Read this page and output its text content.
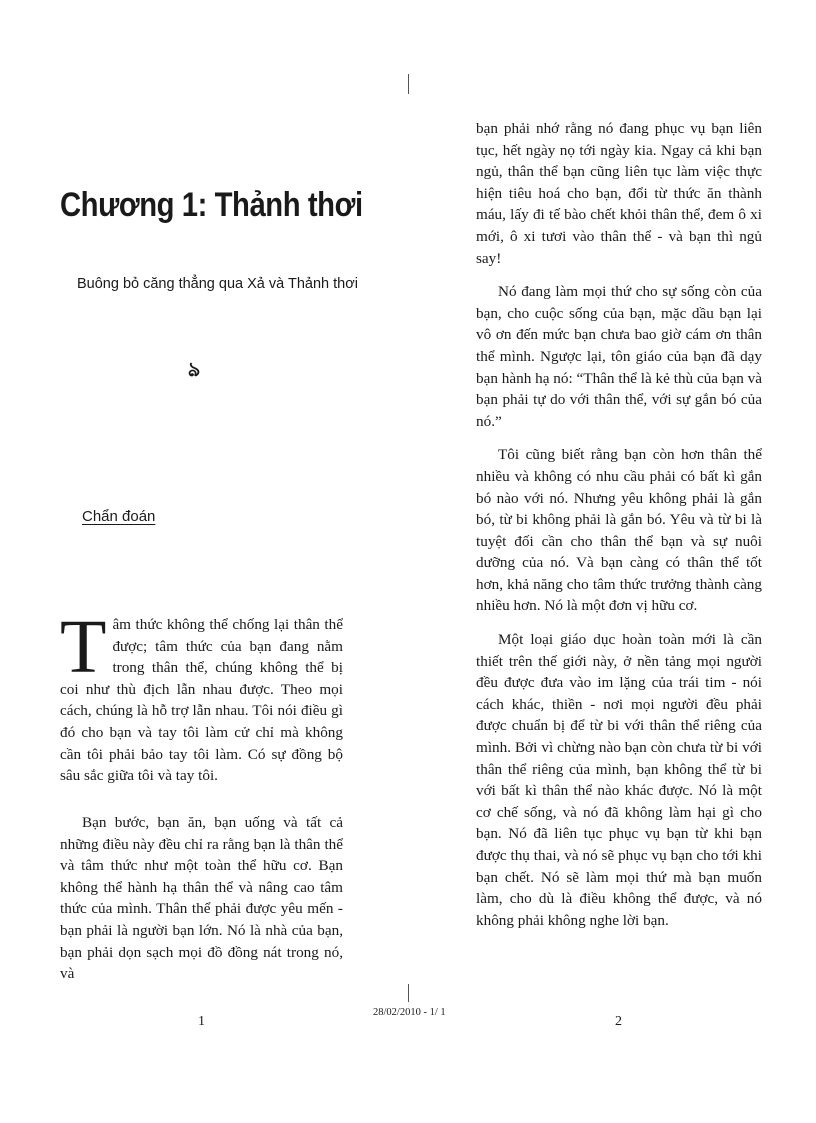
Chương 1: Thảnh thơi
Buông bỏ căng thẳng qua Xả và Thảnh thơi
ঌ
Chẩn đoán

Tâm thức không thể chống lại thân thể được; tâm thức của bạn đang nằm trong thân thể, chúng không thể bị coi như thù địch lẫn nhau được. Theo mọi cách, chúng là hỗ trợ lẫn nhau. Tôi nói điều gì đó cho bạn và tay tôi làm cử chỉ mà không cần tôi phải bảo tay tôi làm. Có sự đồng bộ sâu sắc giữa tôi và tay tôi.

Bạn bước, bạn ăn, bạn uống và tất cả những điều này đều chỉ ra rằng bạn là thân thể và tâm thức như một toàn thể hữu cơ. Bạn không thể hành hạ thân thể và nâng cao tâm thức của mình. Thân thể phải được yêu mến - bạn phải là người bạn lớn. Nó là nhà của bạn, bạn phải dọn sạch mọi đồ đồng nát trong nó, và

1

bạn phải nhớ rằng nó đang phục vụ bạn liên tục, hết ngày nọ tới ngày kia. Ngay cả khi bạn ngủ, thân thể bạn cũng liên tục làm việc thực hiện tiêu hoá cho bạn, đổi từ thức ăn thành máu, lấy đi tế bào chết khỏi thân thể, đem ô xi mới, ô xi tươi vào thân thể - và bạn thì ngủ say!

Nó đang làm mọi thứ cho sự sống còn của bạn, cho cuộc sống của bạn, mặc dầu bạn lại vô ơn đến mức bạn chưa bao giờ cám ơn thân thể mình. Ngược lại, tôn giáo của bạn đã dạy bạn hành hạ nó: “Thân thể là kẻ thù của bạn và bạn phải tự do với thân thể, với sự gắn bó của nó.”

Tôi cũng biết rằng bạn còn hơn thân thể nhiều và không có nhu cầu phải có bất kì gắn bó nào với nó. Nhưng yêu không phải là gắn bó, từ bi không phải là gắn bó. Yêu và từ bi là tuyệt đối cần cho thân thể bạn và sự nuôi dưỡng của nó. Và bạn càng có thân thể tốt hơn, khả năng cho tâm thức trưởng thành càng nhiều hơn. Nó là một đơn vị hữu cơ.

Một loại giáo dục hoàn toàn mới là cần thiết trên thế giới này, ở nền tảng mọi người đều được đưa vào im lặng của trái tim - nói cách khác, thiền - nơi mọi người đều phải được chuẩn bị để từ bi với thân thể riêng của mình. Bởi vì chừng nào bạn còn chưa từ bi với thân thể riêng của mình, bạn không thể từ bi với bất kì thân thể nào khác được. Nó là một cơ chế sống, và nó đã không làm hại gì cho bạn. Nó đã liên tục phục vụ bạn từ khi bạn được thụ thai, và nó sẽ phục vụ bạn cho tới khi bạn chết. Nó sẽ làm mọi thứ mà bạn muốn làm, cho dù là điều không thể được, và nó không phải không nghe lời bạn.

2
28/02/2010 - 1/ 1
